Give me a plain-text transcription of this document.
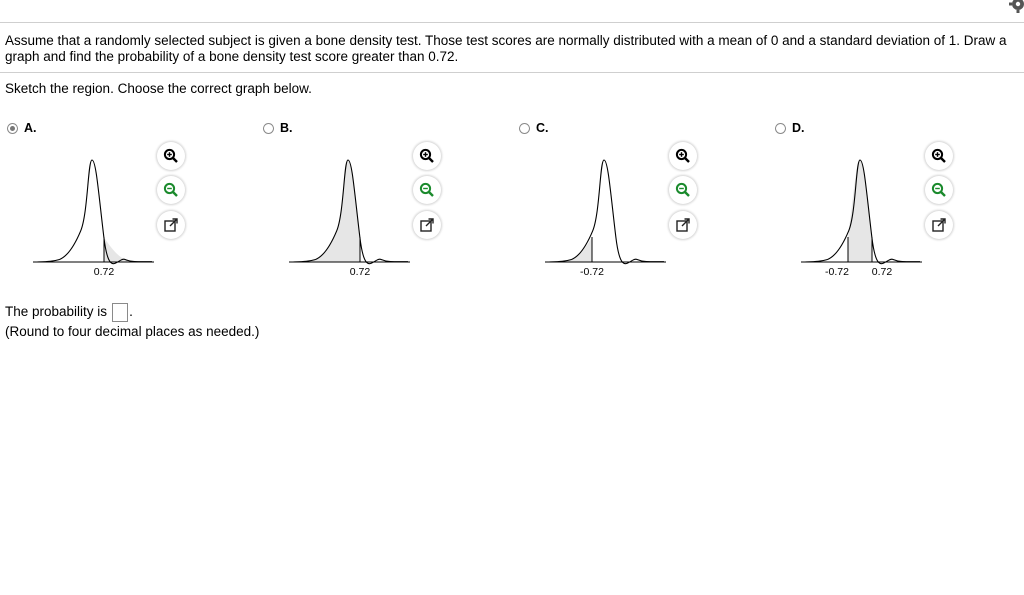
Assume that a randomly selected subject is given a bone density test. Those test scores are normally distributed with a mean of 0 and a standard deviation of 1. Draw a graph and find the probability of a bone density test score greater than 0.72.
Sketch the region. Choose the correct graph below.
A.
0.72
B.
0.72
C.
-0.72
D.
-0.72 0.72
The probability is .
(Round to four decimal places as needed.)
